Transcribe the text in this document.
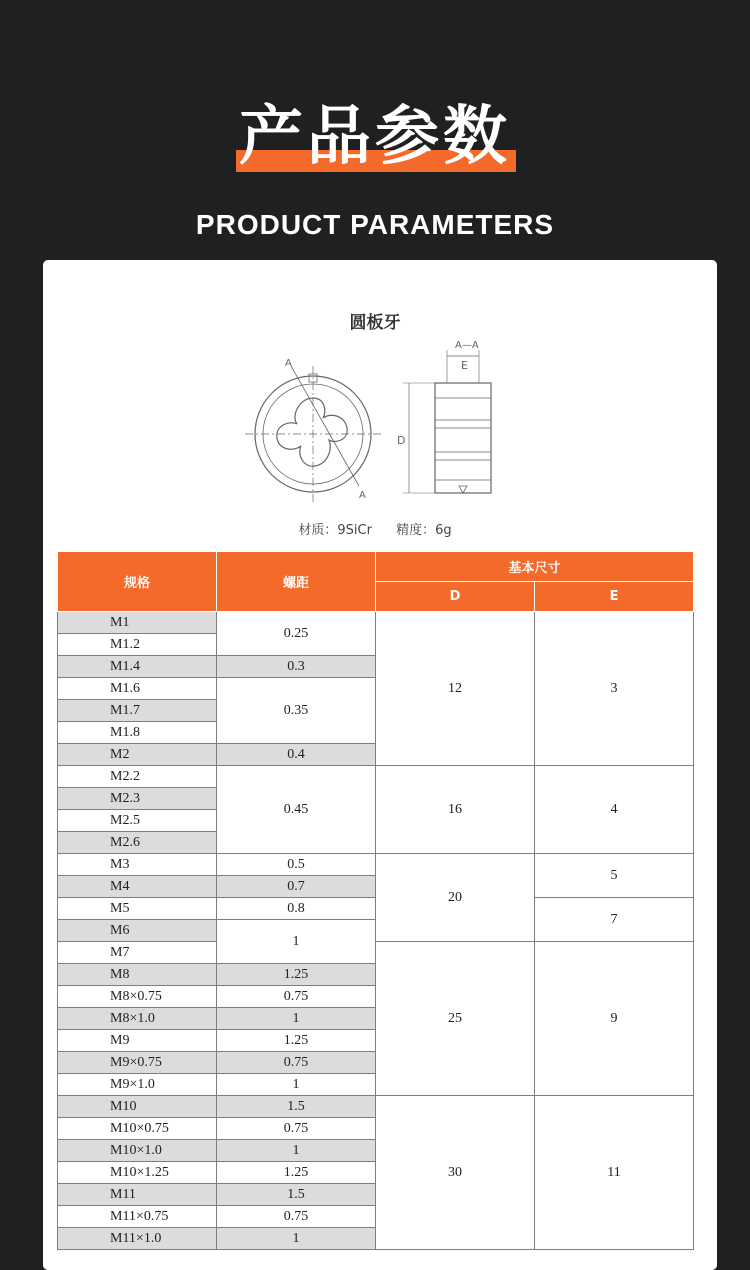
产品参数
PRODUCT PARAMETERS
圆板牙
A—A
E
D
A
A
材质：9SiCr 精度：6g
规格	螺距	基本尺寸	
		D	E
M1	0.25	12	3
M1.2			
M1.4	0.3		
M1.6	0.35		
M1.7			
M1.8			
M2	0.4		
M2.2	0.45	16	4
M2.3			
M2.5			
M2.6			
M3	0.5	20	5
M4	0.7		
M5	0.8		7
M6	1		
M7		25	9
M8	1.25		
M8×0.75	0.75		
M8×1.0	1		
M9	1.25		
M9×0.75	0.75		
M9×1.0	1		
M10	1.5	30	11
M10×0.75	0.75		
M10×1.0	1		
M10×1.25	1.25		
M11	1.5		
M11×0.75	0.75		
M11×1.0	1		
